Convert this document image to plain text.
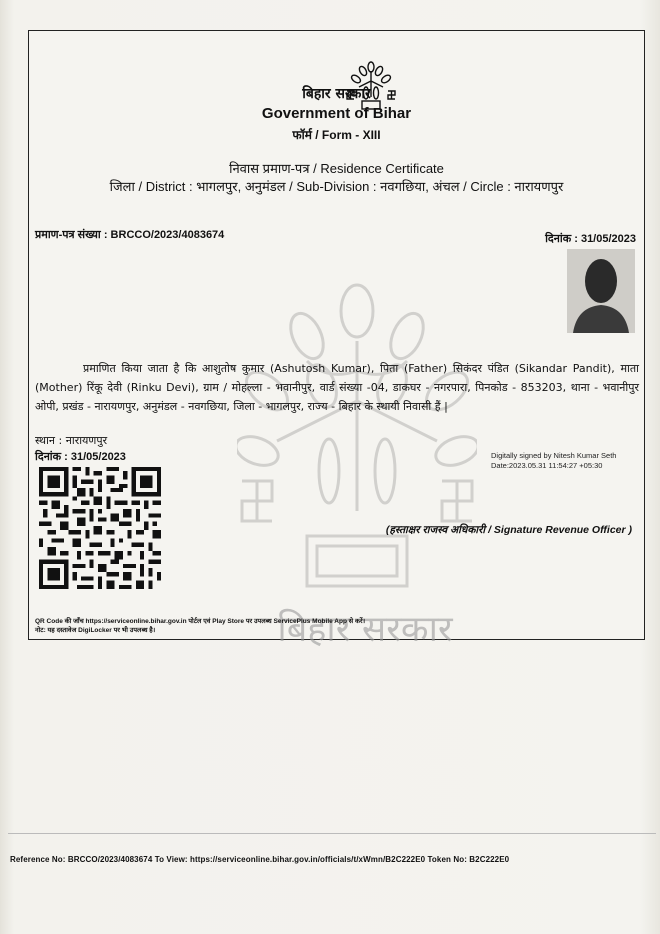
बिहार सरकार
बिहार सरकार
Government of Bihar
फॉर्म / Form - XIII
निवास प्रमाण-पत्र / Residence Certificate
जिला / District : भागलपुर, अनुमंडल / Sub-Division : नवगछिया, अंचल / Circle : नारायणपुर
प्रमाण-पत्र संख्या : BRCCO/2023/4083674	दिनांक : 31/05/2023
प्रमाणित किया जाता है कि आशुतोष कुमार (Ashutosh Kumar), पिता (Father) सिकंदर पंडित (Sikandar Pandit), माता (Mother) रिंकू देवी (Rinku Devi), ग्राम / मोहल्ला - भवानीपुर, वार्ड संख्या -04, डाकघर - नगरपारा, पिनकोड - 853203, थाना - भवानीपुर ओपी, प्रखंड - नारायणपुर, अनुमंडल - नवगछिया, जिला - भागलपुर, राज्य - बिहार के स्थायी निवासी हैं |
स्थान : नारायणपुर
दिनांक : 31/05/2023	Digitally signed by Nitesh Kumar Seth
Date:2023.05.31 11:54:27 +05:30
(हस्ताक्षर राजस्व अधिकारी / Signature Revenue Officer )
QR Code की जाँच https://serviceonline.bihar.gov.in पोर्टल एवं Play Store पर उपलब्ध ServicePlus Mobile App से करें।
नोट: यह दस्तावेज DigiLocker पर भी उपलब्ध है।
Reference No: BRCCO/2023/4083674 To View: https://serviceonline.bihar.gov.in/officials/t/xWmn/B2C222E0 Token No: B2C222E0
